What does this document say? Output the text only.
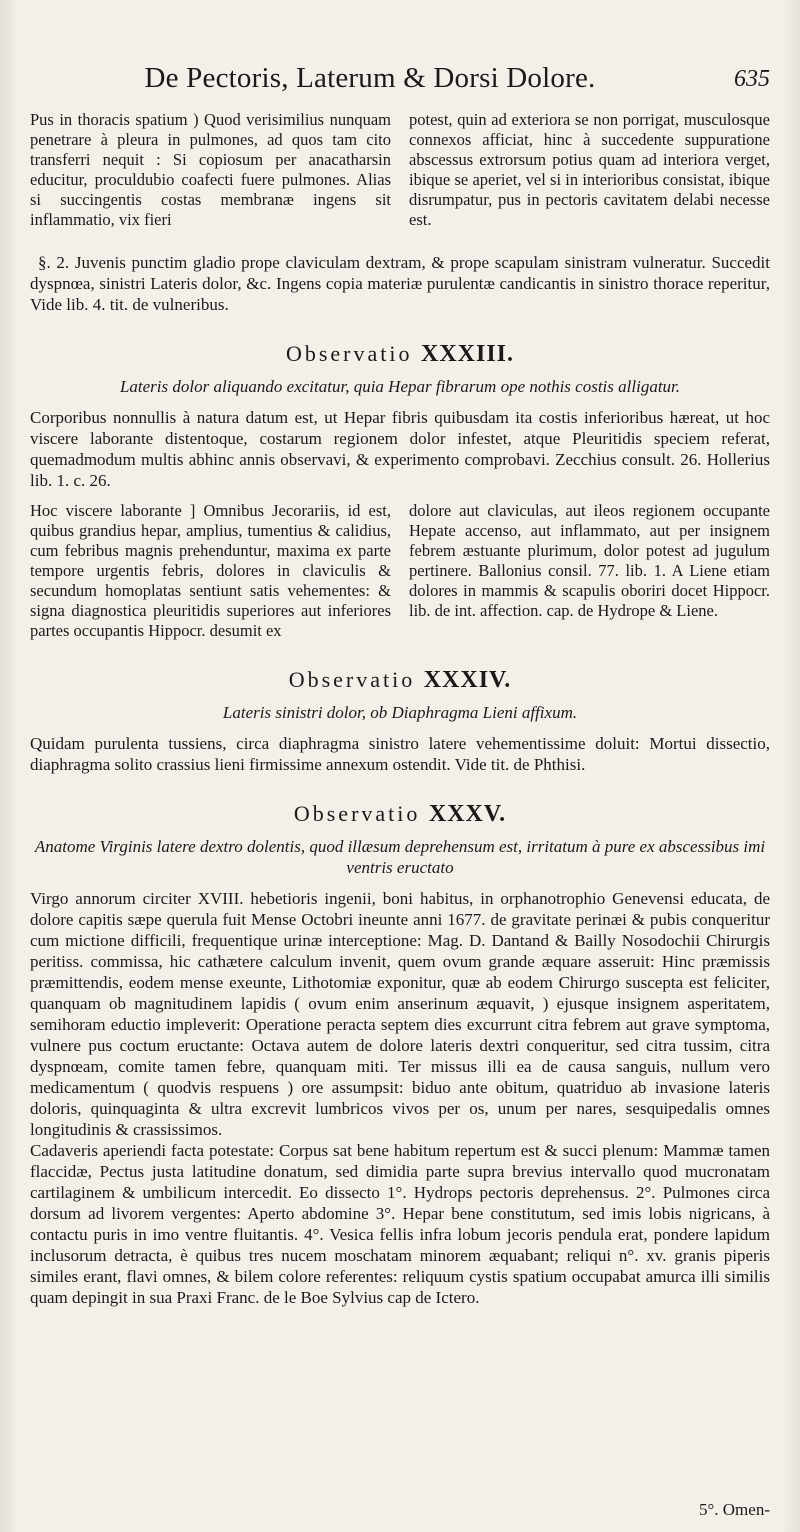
De Pectoris, Laterum & Dorsi Dolore.	635
Pus in thoracis spatium ) Quod verisimilius nunquam penetrare à pleura in pulmones, ad quos tam cito transferri nequit : Si copiosum per anacatharsin educitur, proculdubio coafecti fuere pulmones. Alias si succingentis costas membranæ ingens sit inflammatio, vix fieri
potest, quin ad exteriora se non porrigat, musculosque connexos afficiat, hinc à succedente suppuratione abscessus extrorsum potius quam ad interiora verget, ibique se aperiet, vel si in interioribus consistat, ibique disrumpatur, pus in pectoris cavitatem delabi necesse est.

§. 2. Juvenis punctim gladio prope claviculam dextram, & prope scapulam sinistram vulneratur. Succedit dyspnœa, sinistri Lateris dolor, &c. Ingens copia materiæ purulentæ candicantis in sinistro thorace reperitur, Vide lib. 4. tit. de vulneribus.

Observatio XXXIII.

Lateris dolor aliquando excitatur, quia Hepar fibrarum ope nothis costis alligatur.

Corporibus nonnullis à natura datum est, ut Hepar fibris quibusdam ita costis inferioribus hæreat, ut hoc viscere laborante distentoque, costarum regionem dolor infestet, atque Pleuritidis speciem referat, quemadmodum multis abhinc annis observavi, & experimento comprobavi. Zecchius consult. 26. Hollerius lib. 1. c. 26.

Hoc viscere laborante ] Omnibus Jecorariis, id est, quibus grandius hepar, amplius, tumentius & calidius, cum febribus magnis prehenduntur, maxima ex parte tempore urgentis febris, dolores in claviculis & secundum homoplatas sentiunt satis vehementes: & signa diagnostica pleuritidis superiores aut inferiores partes occupantis Hippocr. desumit ex
dolore aut claviculas, aut ileos regionem occupante Hepate accenso, aut inflammato, aut per insignem febrem æstuante plurimum, dolor potest ad jugulum pertinere. Ballonius consil. 77. lib. 1. A Liene etiam dolores in mammis & scapulis oboriri docet Hippocr. lib. de int. affection. cap. de Hydrope & Liene.
Observatio XXXIV.

Lateris sinistri dolor, ob Diaphragma Lieni affixum.

Quidam purulenta tussiens, circa diaphragma sinistro latere vehementissime doluit: Mortui dissectio, diaphragma solito crassius lieni firmissime annexum ostendit. Vide tit. de Phthisi.

Observatio XXXV.

Anatome Virginis latere dextro dolentis, quod illæsum deprehensum est, irritatum à pure ex abscessibus imi ventris eructato

Virgo annorum circiter XVIII. hebetioris ingenii, boni habitus, in orphanotrophio Genevensi educata, de dolore capitis sæpe querula fuit Mense Octobri ineunte anni 1677. de gravitate perinæi & pubis conqueritur cum mictione difficili, frequentique urinæ interceptione: Mag. D. Dantand & Bailly Nosodochii Chirurgis peritiss. commissa, hic cathætere calculum invenit, quem ovum grande æquare asseruit: Hinc præmissis præmittendis, eodem mense exeunte, Lithotomiæ exponitur, quæ ab eodem Chirurgo suscepta est feliciter, quanquam ob magnitudinem lapidis ( ovum enim anserinum æquavit, ) ejusque insignem asperitatem, semihoram eductio impleverit: Operatione peracta septem dies excurrunt citra febrem aut grave symptoma, vulnere pus coctum eructante: Octava autem de dolore lateris dextri conqueritur, sed citra tussim, citra dyspnœam, comite tamen febre, quanquam miti. Ter missus illi ea de causa sanguis, nullum vero medicamentum ( quodvis respuens ) ore assumpsit: biduo ante obitum, quatriduo ab invasione lateris doloris, quinquaginta & ultra excrevit lumbricos vivos per os, unum per nares, sesquipedalis omnes longitudinis & crassissimos.

Cadaveris aperiendi facta potestate: Corpus sat bene habitum repertum est & succi plenum: Mammæ tamen flaccidæ, Pectus justa latitudine donatum, sed dimidia parte supra brevius intervallo quod mucronatam cartilaginem & umbilicum intercedit. Eo dissecto 1°. Hydrops pectoris deprehensus. 2°. Pulmones circa dorsum ad livorem vergentes: Aperto abdomine 3°. Hepar bene constitutum, sed imis lobis nigricans, à contactu puris in imo ventre fluitantis. 4°. Vesica fellis infra lobum jecoris pendula erat, pondere lapidum inclusorum detracta, è quibus tres nucem moschatam minorem æquabant; reliqui n°. xv. granis piperis similes erant, flavi omnes, & bilem colore referentes: reliquum cystis spatium occupabat amurca illi similis quam depingit in sua Praxi Franc. de le Boe Sylvius cap de Ictero.

5°. Omen-
